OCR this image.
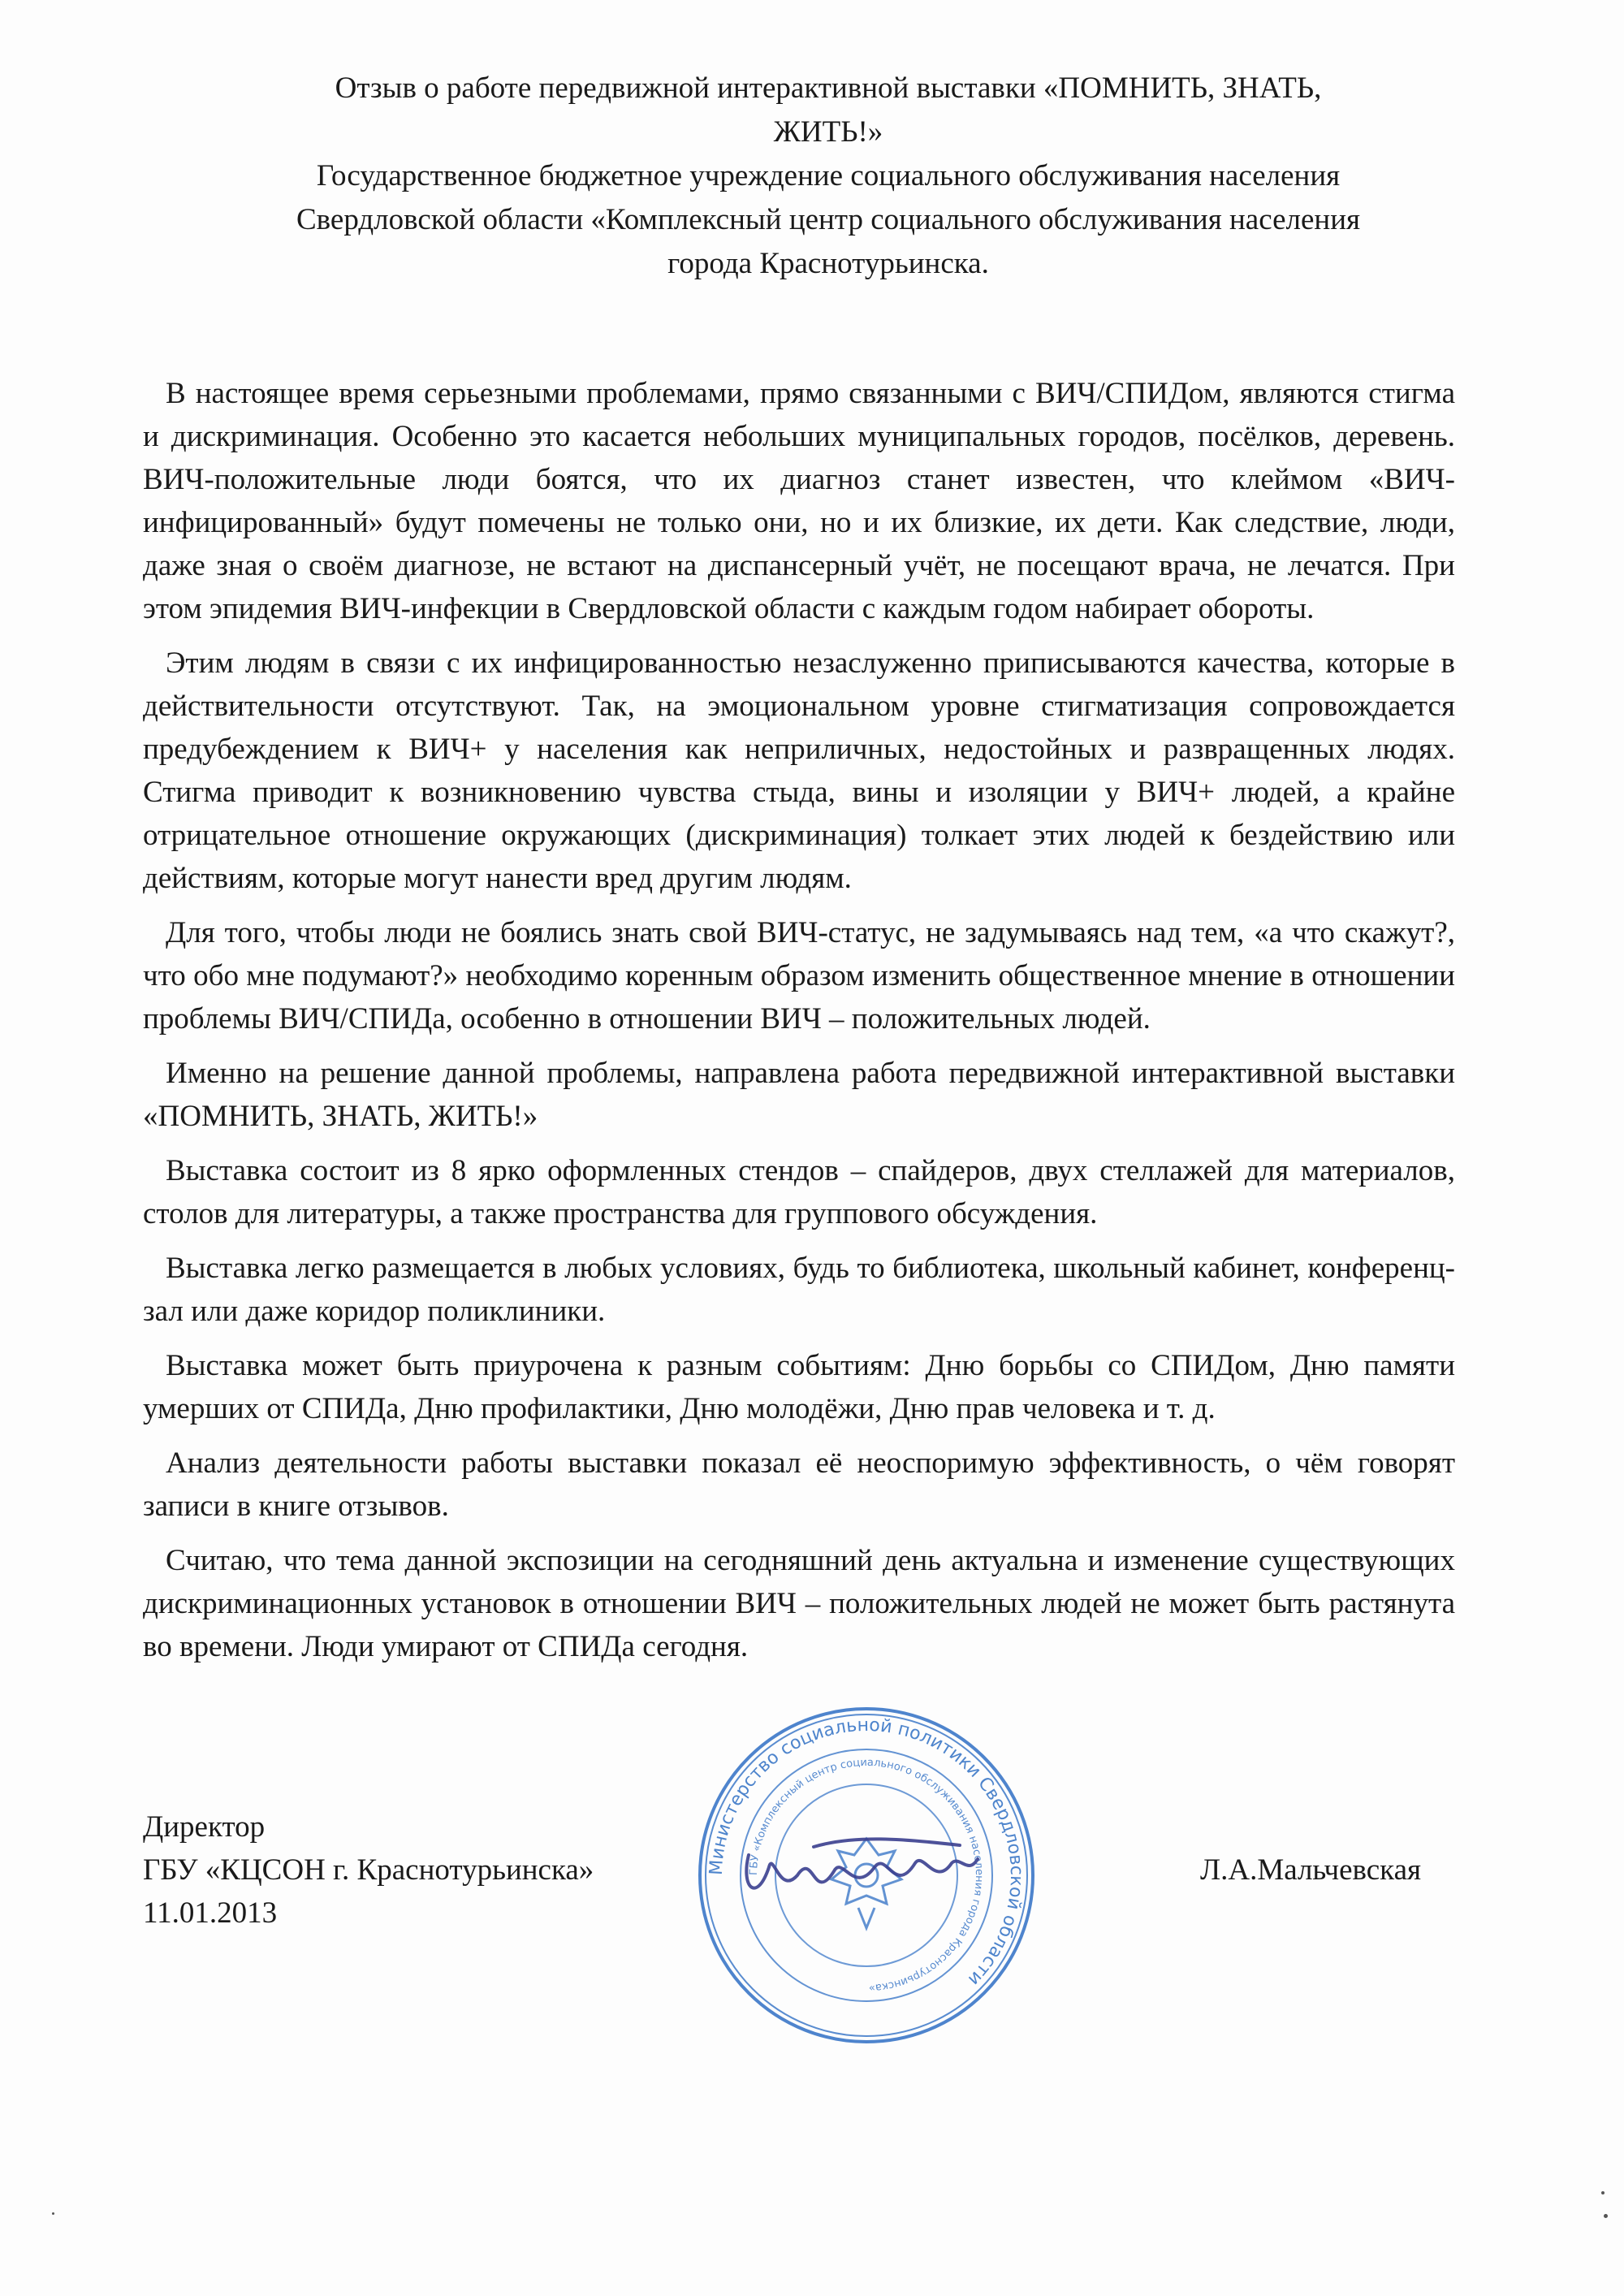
Отзыв о работе передвижной интерактивной выставки «ПОМНИТЬ, ЗНАТЬ,
ЖИТЬ!»
Государственное бюджетное учреждение социального обслуживания населения
Свердловской области «Комплексный центр социального обслуживания населения
города Краснотурьинска.

В настоящее время серьезными проблемами, прямо связанными с ВИЧ/СПИДом, являются стигма и дискриминация. Особенно это касается небольших муниципальных городов, посёлков, деревень. ВИЧ-положительные люди боятся, что их диагноз станет известен, что клеймом «ВИЧ-инфицированный» будут помечены не только они, но и их близкие, их дети. Как следствие, люди, даже зная о своём диагнозе, не встают на диспансерный учёт, не посещают врача, не лечатся. При этом эпидемия ВИЧ-инфекции в Свердловской области с каждым годом набирает обороты.

Этим людям в связи с их инфицированностью незаслуженно приписываются качества, которые в действительности отсутствуют. Так, на эмоциональном уровне стигматизация сопровождается предубеждением к ВИЧ+ у населения как неприличных, недостойных и развращенных людях. Стигма приводит к возникновению чувства стыда, вины и изоляции у ВИЧ+ людей, а крайне отрицательное отношение окружающих (дискриминация) толкает этих людей к бездействию или действиям, которые могут нанести вред другим людям.

Для того, чтобы люди не боялись знать свой ВИЧ-статус, не задумываясь над тем, «а что скажут?, что обо мне подумают?» необходимо коренным образом изменить общественное мнение в отношении проблемы ВИЧ/СПИДа, особенно в отношении ВИЧ – положительных людей.

Именно на решение данной проблемы, направлена работа передвижной интерактивной выставки «ПОМНИТЬ, ЗНАТЬ, ЖИТЬ!»

Выставка состоит из 8 ярко оформленных стендов – спайдеров, двух стеллажей для материалов, столов для литературы, а также пространства для группового обсуждения.

Выставка легко размещается в любых условиях, будь то библиотека, школьный кабинет, конференц-зал или даже коридор поликлиники.

Выставка может быть приурочена к разным событиям: Дню борьбы со СПИДом, Дню памяти умерших от СПИДа, Дню профилактики, Дню молодёжи, Дню прав человека и т. д.

Анализ деятельности работы выставки показал её неоспоримую эффективность, о чём говорят записи в книге отзывов.

Считаю, что тема данной экспозиции на сегодняшний день актуальна и изменение существующих дискриминационных установок в отношении ВИЧ – положительных людей не может быть растянута во времени. Люди умирают от СПИДа сегодня.

Директор
ГБУ «КЦСОН г. Краснотурьинска»
11.01.2013
Министерство социальной политики Свердловской области
ГБУ «Комплексный центр социального обслуживания населения города Краснотурьинска»
Л.А.Мальчевская
